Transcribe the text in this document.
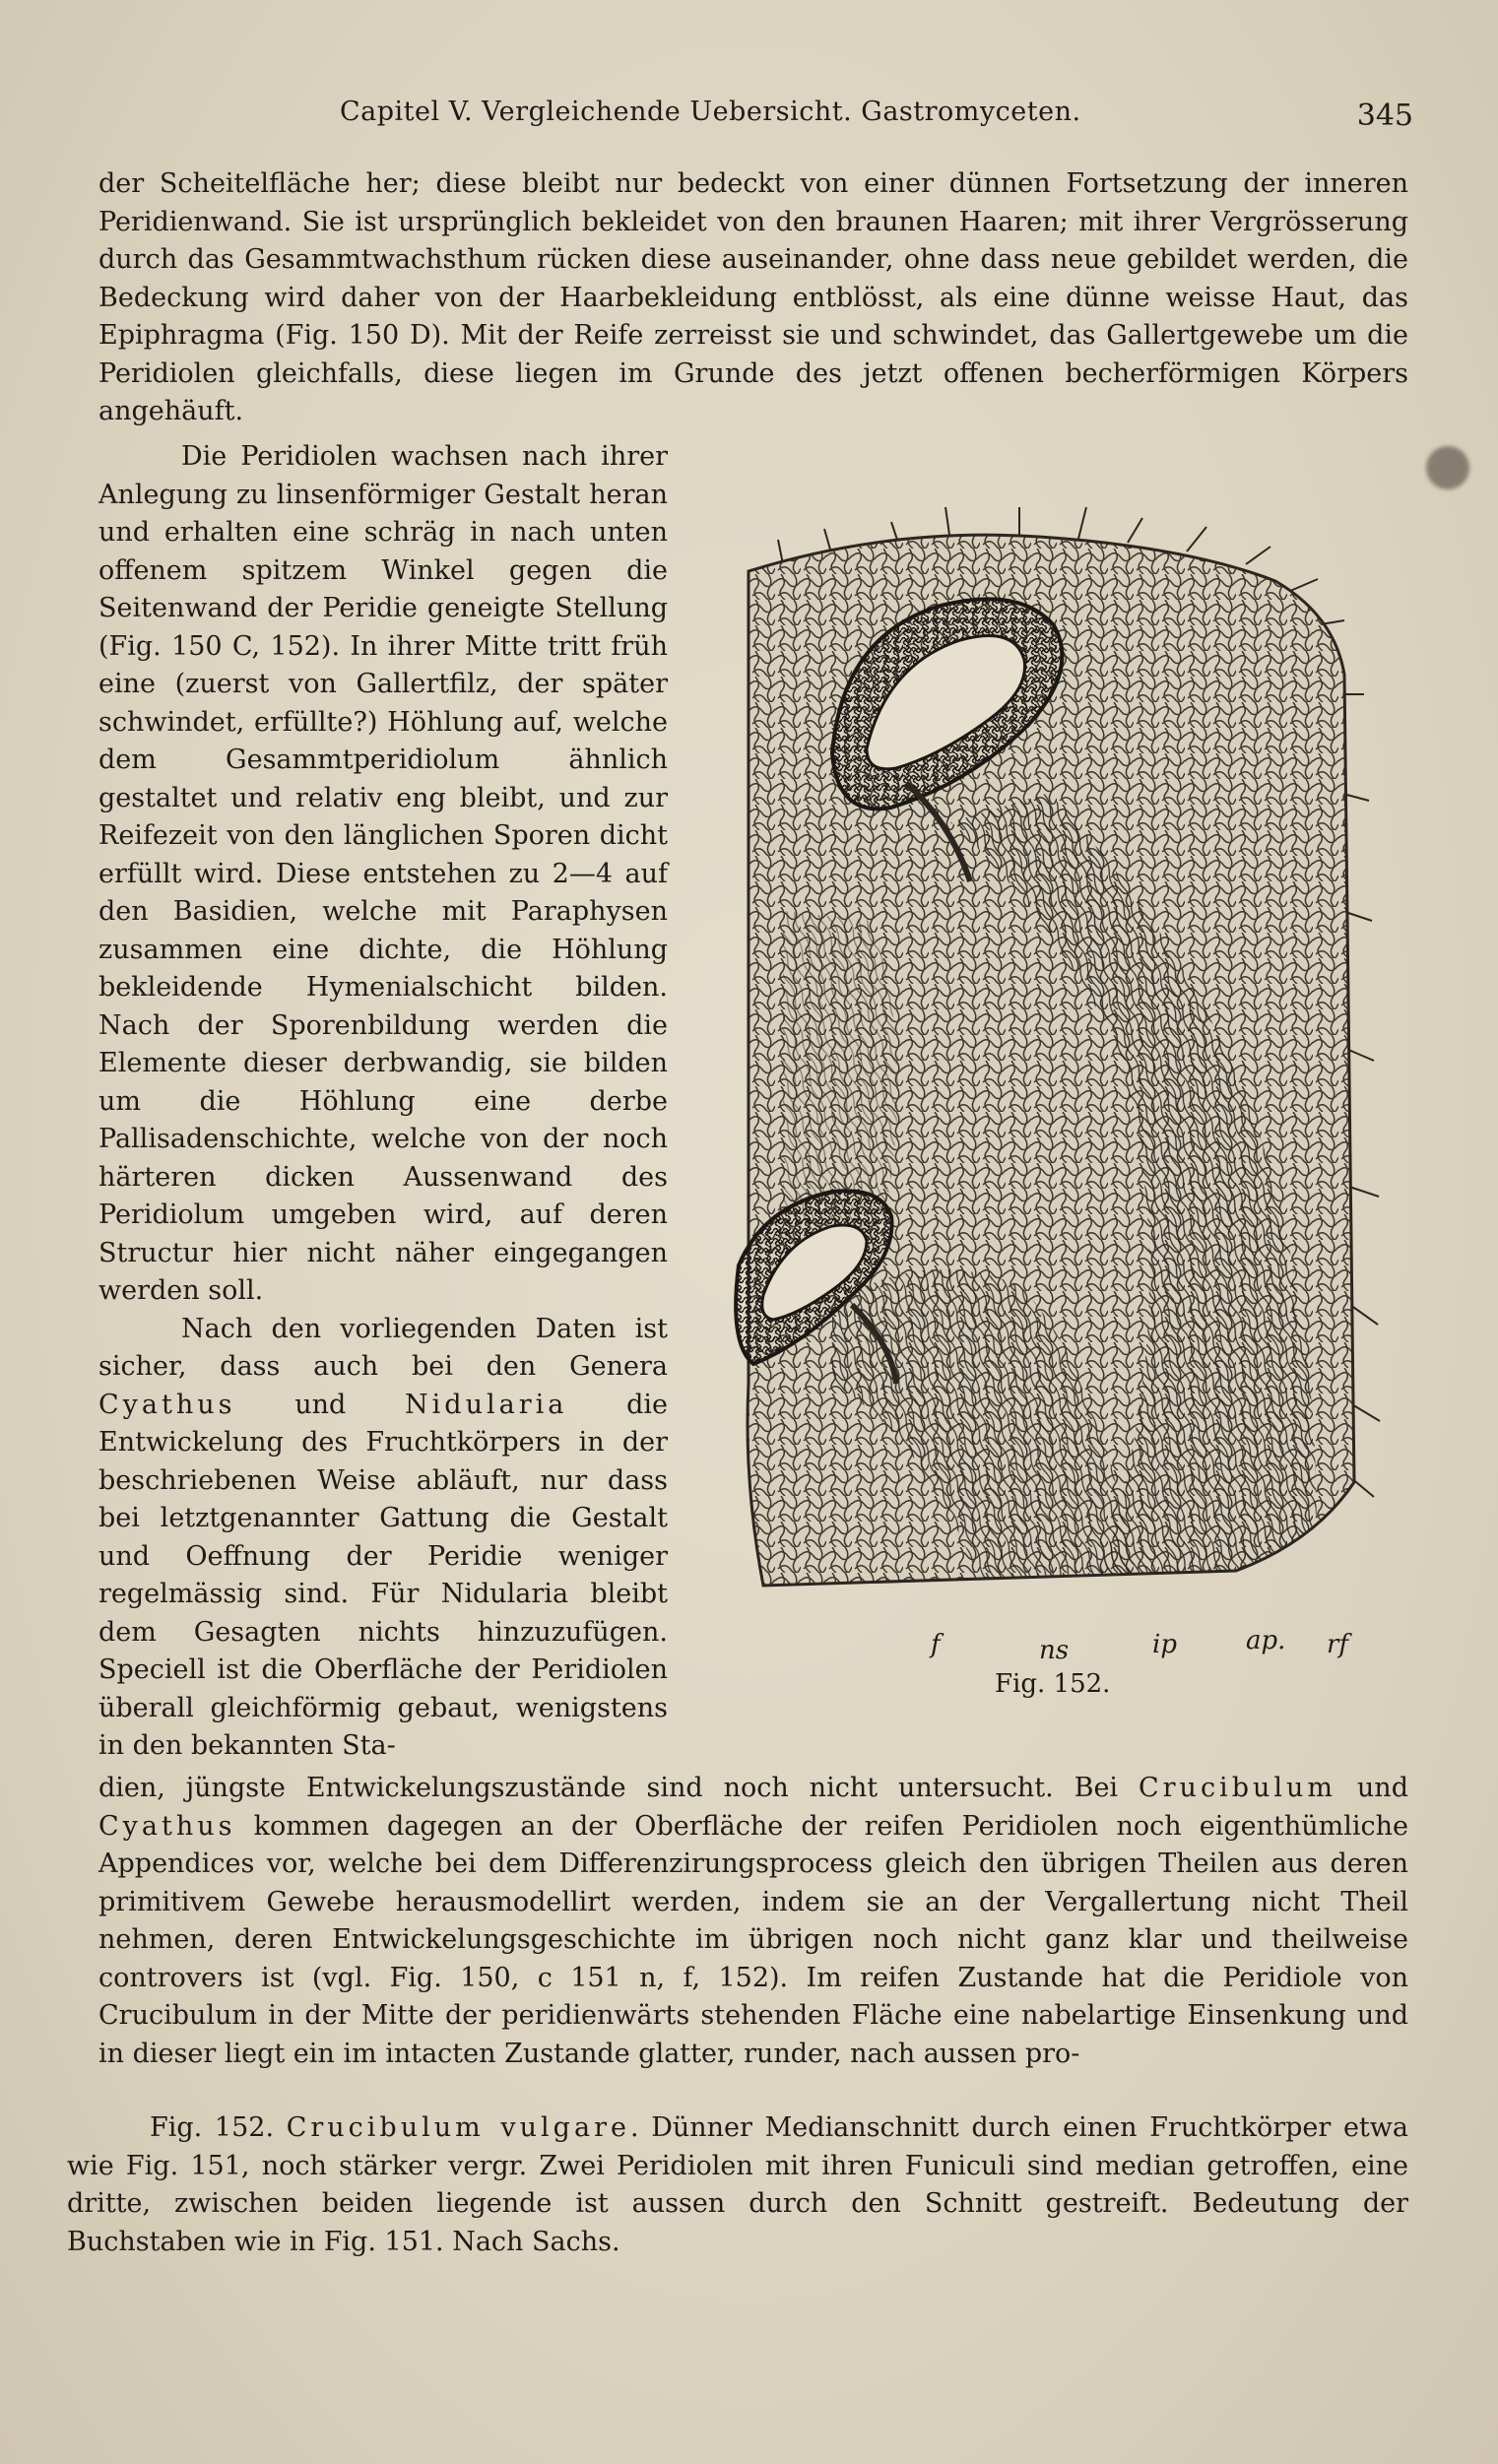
Capitel V. Vergleichende Uebersicht. Gastromyceten.	345

der Scheitelfläche her; diese bleibt nur bedeckt von einer dünnen Fortsetzung der inneren Peridienwand. Sie ist ursprünglich bekleidet von den braunen Haaren; mit ihrer Vergrösserung durch das Gesammtwachsthum rücken diese auseinander, ohne dass neue gebildet werden, die Bedeckung wird daher von der Haarbekleidung entblösst, als eine dünne weisse Haut, das Epiphragma (Fig. 150 D). Mit der Reife zerreisst sie und schwindet, das Gallertgewebe um die Peridiolen gleichfalls, diese liegen im Grunde des jetzt offenen becherförmigen Körpers angehäuft.

Die Peridiolen wachsen nach ihrer Anlegung zu linsenförmiger Gestalt heran und erhalten eine schräg in nach unten offenem spitzem Winkel gegen die Seitenwand der Peridie geneigte Stellung (Fig. 150 C, 152). In ihrer Mitte tritt früh eine (zuerst von Gallertfilz, der später schwindet, erfüllte?) Höhlung auf, welche dem Gesammtperidiolum ähnlich gestaltet und relativ eng bleibt, und zur Reifezeit von den länglichen Sporen dicht erfüllt wird. Diese entstehen zu 2—4 auf den Basidien, welche mit Paraphysen zusammen eine dichte, die Höhlung bekleidende Hymenialschicht bilden. Nach der Sporenbildung werden die Elemente dieser derbwandig, sie bilden um die Höhlung eine derbe Pallisadenschichte, welche von der noch härteren dicken Aussenwand des Peridiolum umgeben wird, auf deren Structur hier nicht näher eingegangen werden soll.

Nach den vorliegenden Daten ist sicher, dass auch bei den Genera Cyathus und Nidularia die Entwickelung des Fruchtkörpers in der beschriebenen Weise abläuft, nur dass bei letztgenannter Gattung die Gestalt und Oeffnung der Peridie weniger regelmässig sind. Für Nidularia bleibt dem Gesagten nichts hinzuzufügen. Speciell ist die Oberfläche der Peridiolen überall gleichförmig gebaut, wenigstens in den bekannten Sta-

f	ns	ip	ap. rf
Fig. 152.

dien, jüngste Entwickelungszustände sind noch nicht untersucht. Bei Crucibulum und Cyathus kommen dagegen an der Oberfläche der reifen Peridiolen noch eigenthümliche Appendices vor, welche bei dem Differenzirungsprocess gleich den übrigen Theilen aus deren primitivem Gewebe herausmodellirt werden, indem sie an der Vergallertung nicht Theil nehmen, deren Entwickelungsgeschichte im übrigen noch nicht ganz klar und theilweise controvers ist (vgl. Fig. 150, c 151 n, f, 152). Im reifen Zustande hat die Peridiole von Crucibulum in der Mitte der peridienwärts stehenden Fläche eine nabelartige Einsenkung und in dieser liegt ein im intacten Zustande glatter, runder, nach aussen pro-

Fig. 152. Crucibulum vulgare. Dünner Medianschnitt durch einen Fruchtkörper etwa wie Fig. 151, noch stärker vergr. Zwei Peridiolen mit ihren Funiculi sind median getroffen, eine dritte, zwischen beiden liegende ist aussen durch den Schnitt gestreift. Bedeutung der Buchstaben wie in Fig. 151. Nach Sachs.
